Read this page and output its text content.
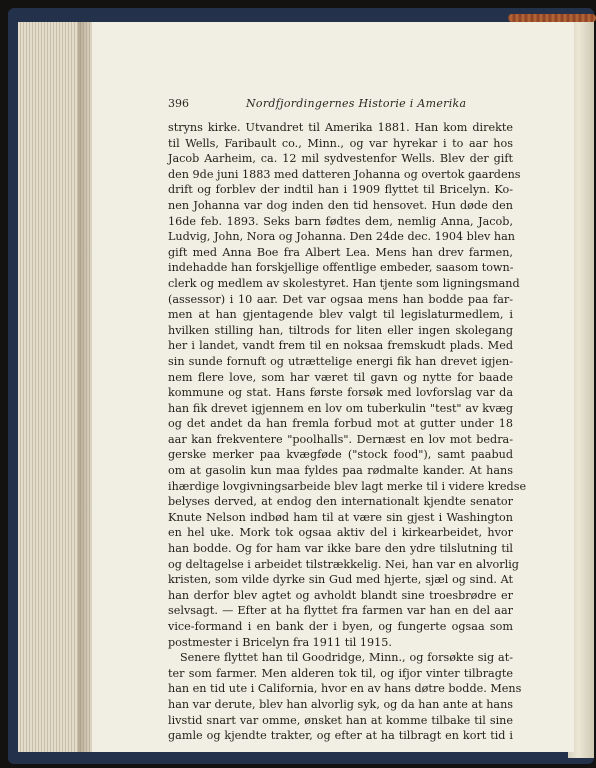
396	Nordfjordingernes Historie i Amerika
stryns kirke. Utvandret til Amerika 1881. Han kom direkte
til Wells, Faribault co., Minn., og var hyrekar i to aar hos
Jacob Aarheim, ca. 12 mil sydvestenfor Wells. Blev der gift
den 9de juni 1883 med datteren Johanna og overtok gaardens
drift og forblev der indtil han i 1909 flyttet til Bricelyn. Ko-
nen Johanna var dog inden den tid hensovet. Hun døde den
16de feb. 1893. Seks barn fødtes dem, nemlig Anna, Jacob,
Ludvig, John, Nora og Johanna. Den 24de dec. 1904 blev han
gift med Anna Boe fra Albert Lea. Mens han drev farmen,
indehadde han forskjellige offentlige embeder, saasom town-
clerk og medlem av skolestyret. Han tjente som ligningsmand
(assessor) i 10 aar. Det var ogsaa mens han bodde paa far-
men at han gjentagende blev valgt til legislaturmedlem, i
hvilken stilling han, tiltrods for liten eller ingen skolegang
her i landet, vandt frem til en noksaa fremskudt plads. Med
sin sunde fornuft og utrættelige energi fik han drevet igjen-
nem flere love, som har været til gavn og nytte for baade
kommune og stat. Hans første forsøk med lovforslag var da
han fik drevet igjennem en lov om tuberkulin "test" av kvæg
og det andet da han fremla forbud mot at gutter under 18
aar kan frekventere "poolhalls". Dernæst en lov mot bedra-
gerske merker paa kvægføde ("stock food"), samt paabud
om at gasolin kun maa fyldes paa rødmalte kander. At hans
ihærdige lovgivningsarbeide blev lagt merke til i videre kredse
belyses derved, at endog den internationalt kjendte senator
Knute Nelson indbød ham til at være sin gjest i Washington
en hel uke. Mork tok ogsaa aktiv del i kirkearbeidet, hvor
han bodde. Og for ham var ikke bare den ydre tilslutning til
og deltagelse i arbeidet tilstrækkelig. Nei, han var en alvorlig
kristen, som vilde dyrke sin Gud med hjerte, sjæl og sind. At
han derfor blev agtet og avholdt blandt sine troesbrødre er
selvsagt. — Efter at ha flyttet fra farmen var han en del aar
vice-formand i en bank der i byen, og fungerte ogsaa som
postmester i Bricelyn fra 1911 til 1915.
Senere flyttet han til Goodridge, Minn., og forsøkte sig at-
ter som farmer. Men alderen tok til, og ifjor vinter tilbragte
han en tid ute i California, hvor en av hans døtre bodde. Mens
han var derute, blev han alvorlig syk, og da han ante at hans
livstid snart var omme, ønsket han at komme tilbake til sine
gamle og kjendte trakter, og efter at ha tilbragt en kort tid i
